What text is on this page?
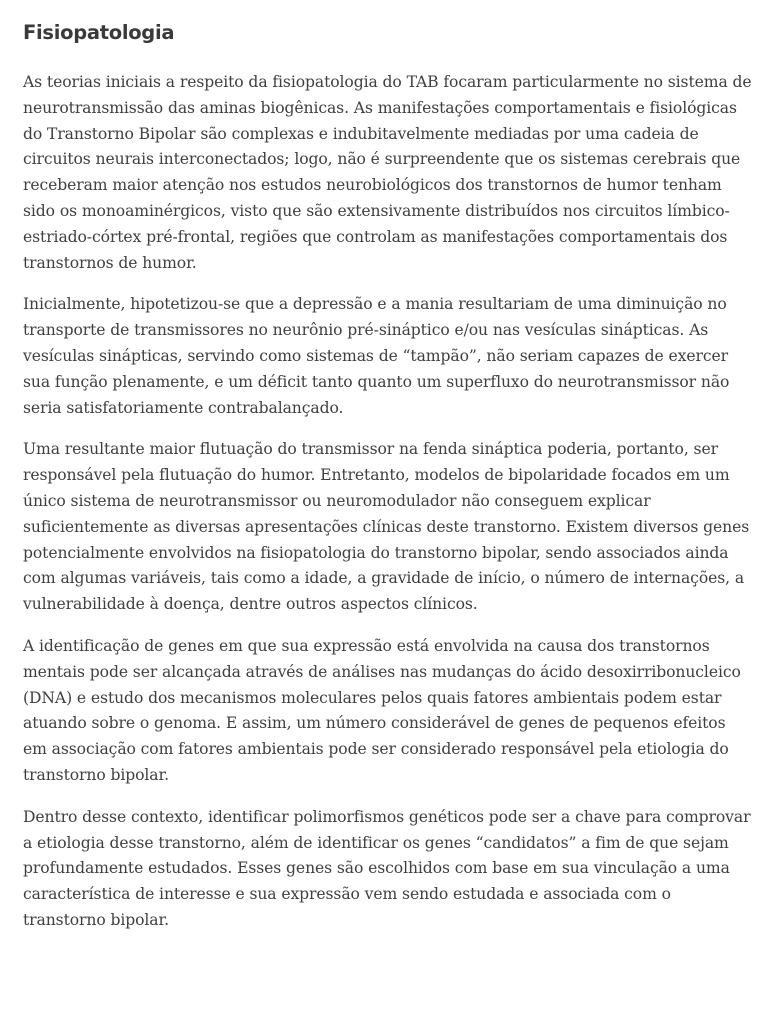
Fisiopatologia

As teorias iniciais a respeito da fisiopatologia do TAB focaram particularmente no sistema de neurotransmissão das aminas biogênicas. As manifestações comportamentais e fisiológicas do Transtorno Bipolar são complexas e indubitavelmente mediadas por uma cadeia de circuitos neurais interconectados; logo, não é surpreendente que os sistemas cerebrais que receberam maior atenção nos estudos neurobiológicos dos transtornos de humor tenham sido os monoaminérgicos, visto que são extensivamente distribuídos nos circuitos límbico-estriado-córtex pré-frontal, regiões que controlam as manifestações comportamentais dos transtornos de humor.

Inicialmente, hipotetizou-se que a depressão e a mania resultariam de uma diminuição no transporte de transmissores no neurônio pré-sináptico e/ou nas vesículas sinápticas. As vesículas sinápticas, servindo como sistemas de “tampão”, não seriam capazes de exercer sua função plenamente, e um déficit tanto quanto um superfluxo do neurotransmissor não seria satisfatoriamente contrabalançado.

Uma resultante maior flutuação do transmissor na fenda sináptica poderia, portanto, ser responsável pela flutuação do humor. Entretanto, modelos de bipolaridade focados em um único sistema de neurotransmissor ou neuromodulador não conseguem explicar suficientemente as diversas apresentações clínicas deste transtorno. Existem diversos genes potencialmente envolvidos na fisiopatologia do transtorno bipolar, sendo associados ainda com algumas variáveis, tais como a idade, a gravidade de início, o número de internações, a vulnerabilidade à doença, dentre outros aspectos clínicos.

A identificação de genes em que sua expressão está envolvida na causa dos transtornos mentais pode ser alcançada através de análises nas mudanças do ácido desoxirribonucleico (DNA) e estudo dos mecanismos moleculares pelos quais fatores ambientais podem estar atuando sobre o genoma. E assim, um número considerável de genes de pequenos efeitos em associação com fatores ambientais pode ser considerado responsável pela etiologia do transtorno bipolar.

Dentro desse contexto, identificar polimorfismos genéticos pode ser a chave para comprovar a etiologia desse transtorno, além de identificar os genes “candidatos” a fim de que sejam profundamente estudados. Esses genes são escolhidos com base em sua vinculação a uma característica de interesse e sua expressão vem sendo estudada e associada com o transtorno bipolar.
